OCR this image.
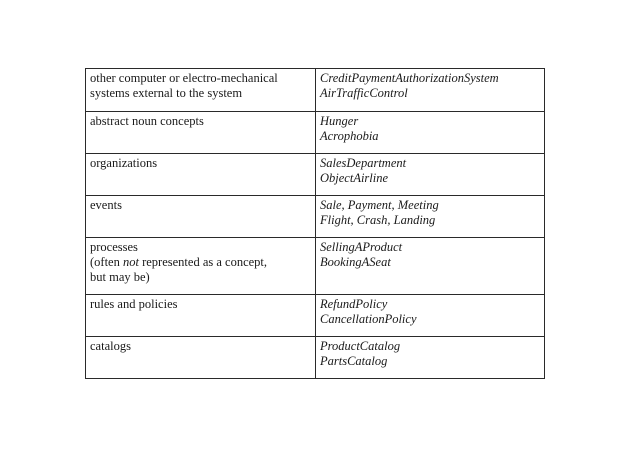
other computer or electro-mechanical
systems external to the system	CreditPaymentAuthorizationSystem
AirTrafficControl

abstract noun concepts	Hunger
Acrophobia

organizations	SalesDepartment
ObjectAirline

events	Sale, Payment, Meeting
Flight, Crash, Landing

processes
(often not represented as a concept,
but may be)	SellingAProduct
BookingASeat

rules and policies	RefundPolicy
CancellationPolicy

catalogs	ProductCatalog
PartsCatalog
